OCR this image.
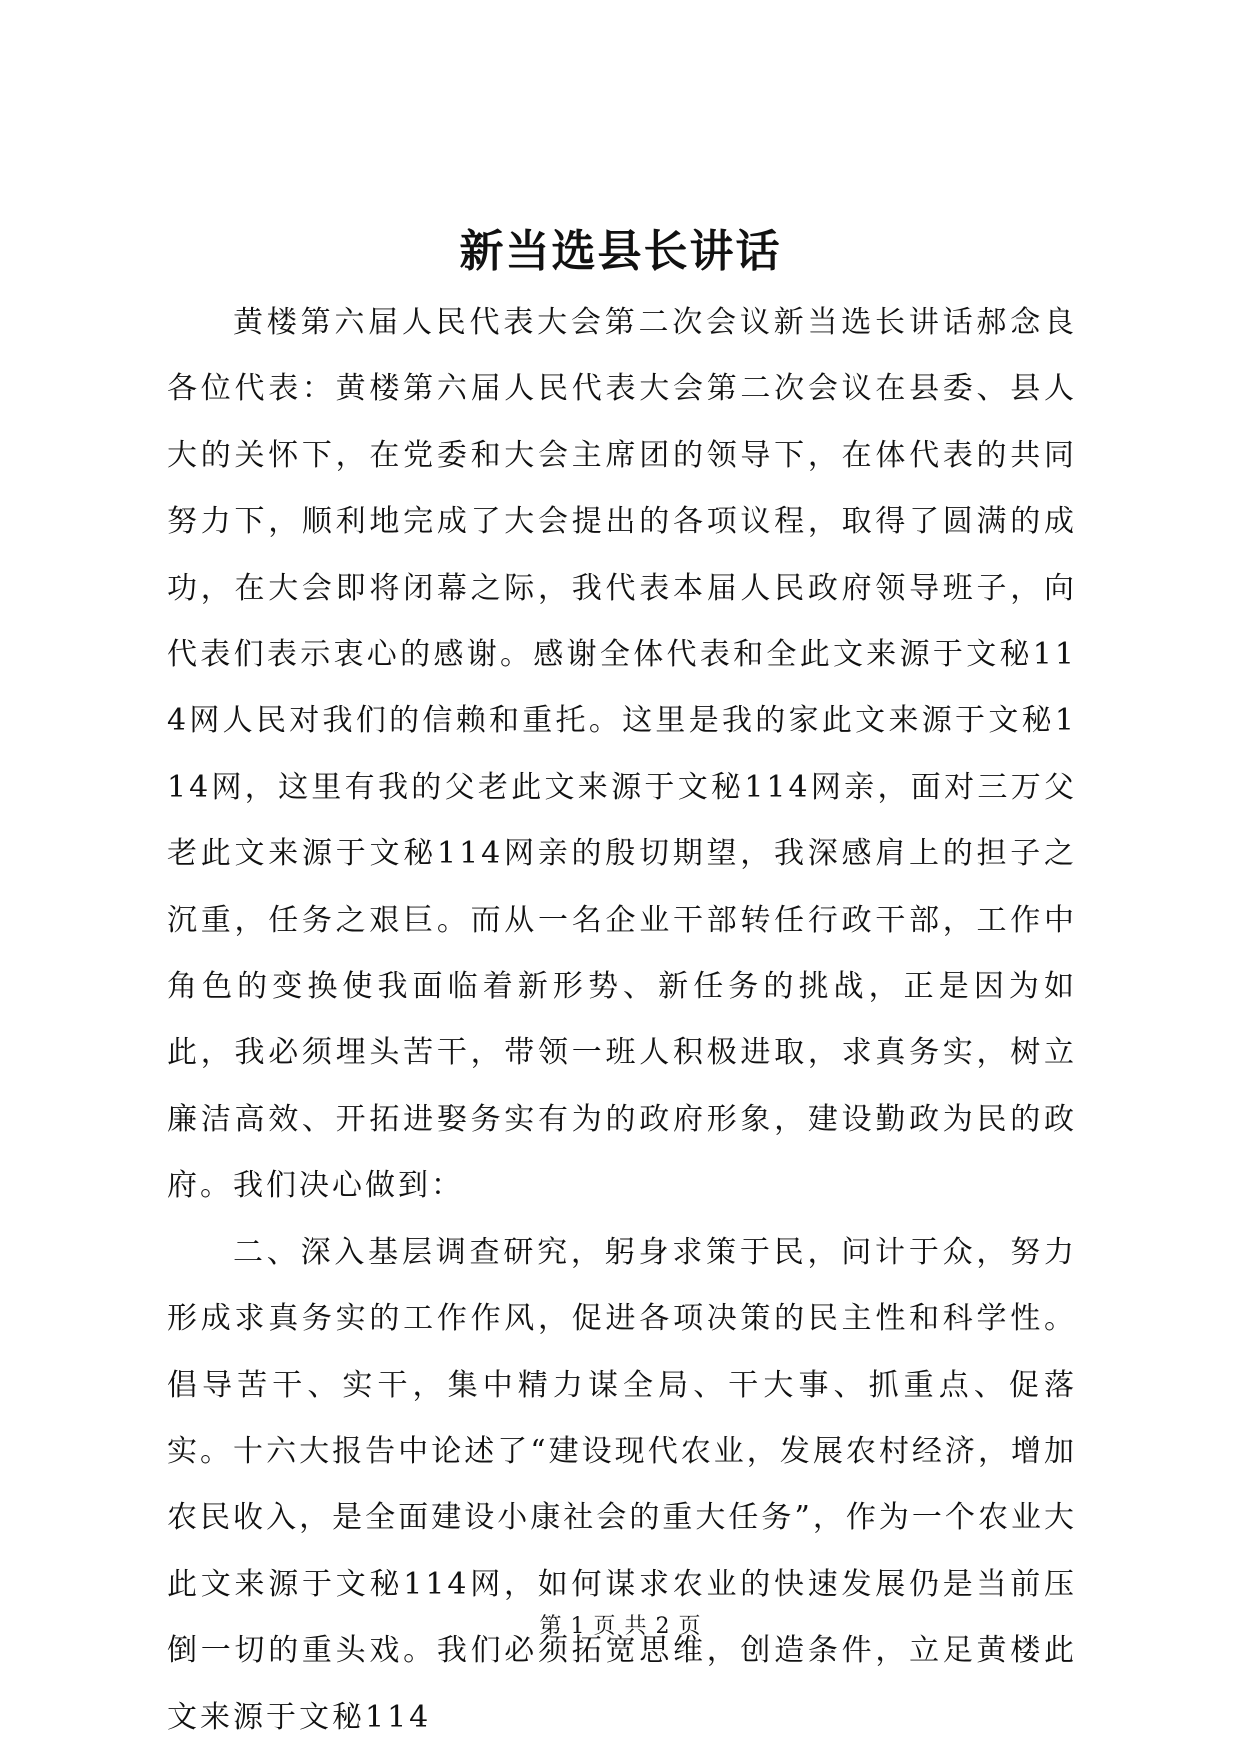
新当选县长讲话

黄楼第六届人民代表大会第二次会议新当选长讲话郝念良各位代表：黄楼第六届人民代表大会第二次会议在县委、县人大的关怀下，在党委和大会主席团的领导下，在体代表的共同努力下，顺利地完成了大会提出的各项议程，取得了圆满的成功，在大会即将闭幕之际，我代表本届人民政府领导班子，向代表们表示衷心的感谢。感谢全体代表和全此文来源于文秘114网人民对我们的信赖和重托。这里是我的家此文来源于文秘114网，这里有我的父老此文来源于文秘114网亲，面对三万父老此文来源于文秘114网亲的殷切期望，我深感肩上的担子之沉重，任务之艰巨。而从一名企业干部转任行政干部，工作中角色的变换使我面临着新形势、新任务的挑战，正是因为如此，我必须埋头苦干，带领一班人积极进取，求真务实，树立廉洁高效、开拓进娶务实有为的政府形象，建设勤政为民的政府。我们决心做到：

二、深入基层调查研究，躬身求策于民，问计于众，努力形成求真务实的工作作风，促进各项决策的民主性和科学性。倡导苦干、实干，集中精力谋全局、干大事、抓重点、促落实。十六大报告中论述了“建设现代农业，发展农村经济，增加农民收入，是全面建设小康社会的重大任务”，作为一个农业大此文来源于文秘114网，如何谋求农业的快速发展仍是当前压倒一切的重头戏。我们必须拓宽思维，创造条件，立足黄楼此文来源于文秘114

第 1 页 共 2 页
